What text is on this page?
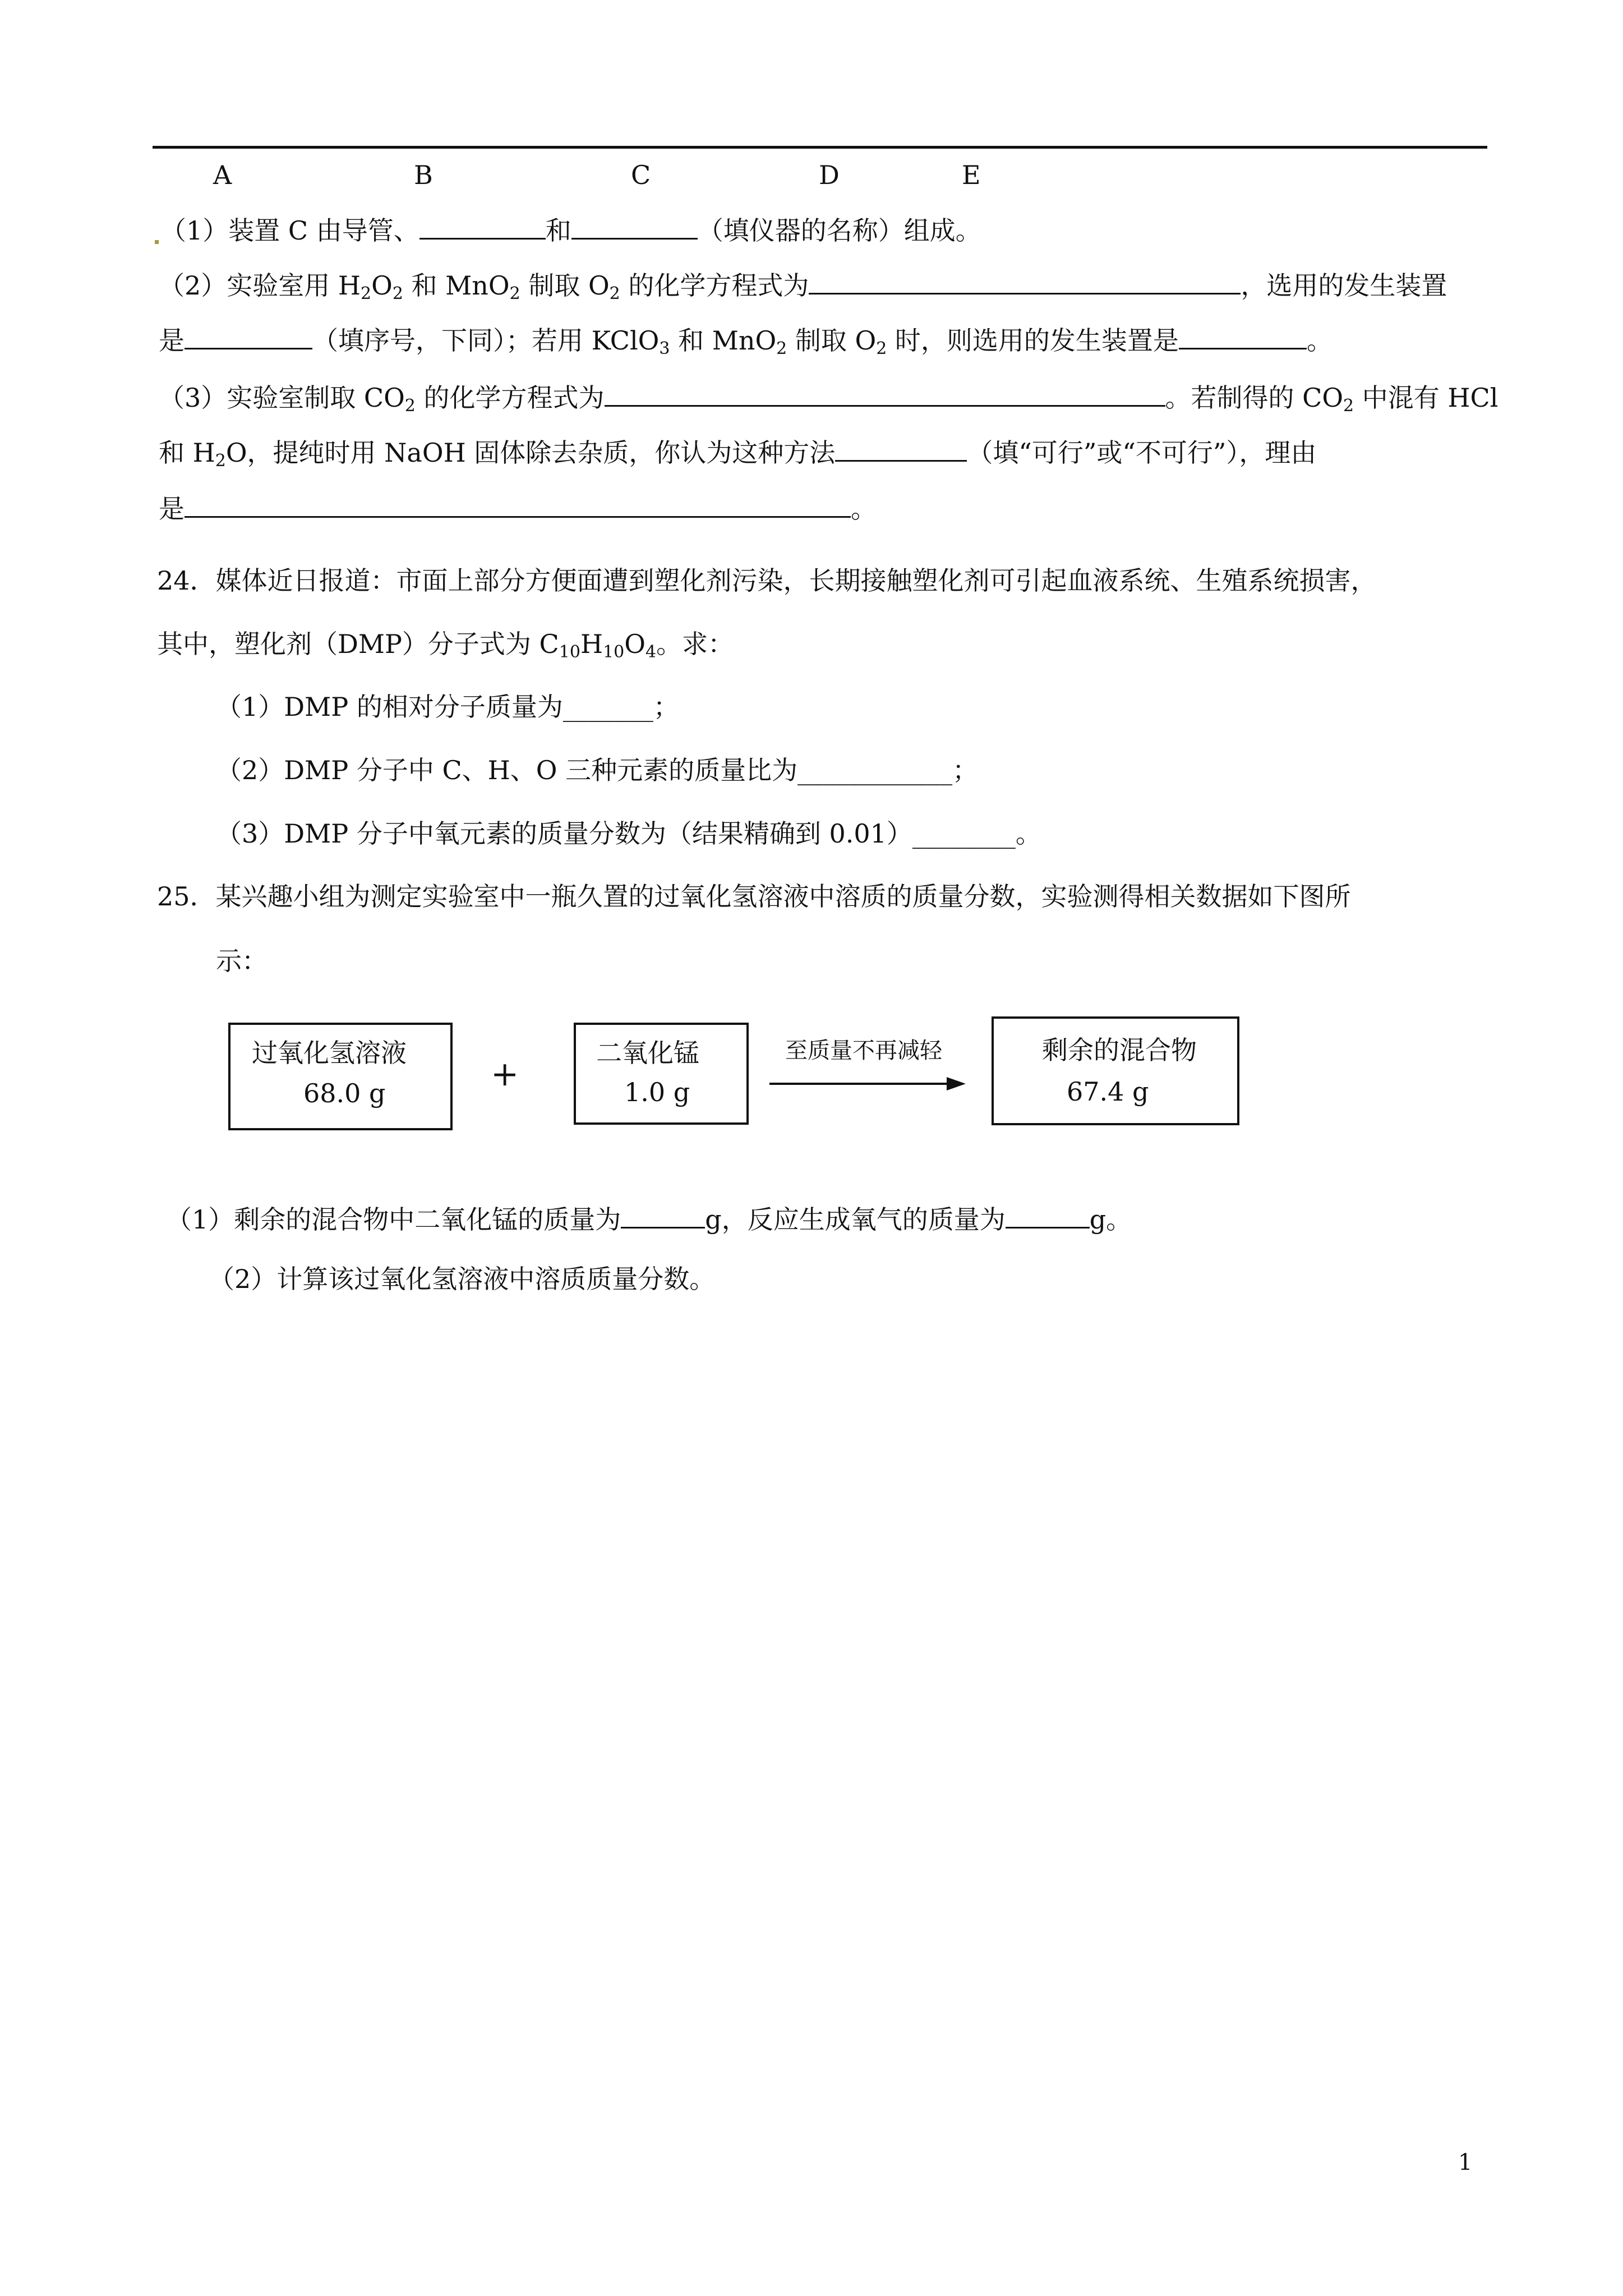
A	B	C	D	E
（1）装置 C 由导管、	和	（填仪器的名称）组成。
（2）实验室用 $H_2O_2$ 和 MnO$_2$ 制取 $O_2$ 的化学方程式为	，选用的发生装置
是	（填序号，下同）；若用 KClO$_3$ 和 MnO$_2$ 制取 $O_2$ 时，则选用的发生装置是	。
（3）实验室制取 $CO_2$ 的化学方程式为	。若制得的 $CO_2$ 中混有 HCl
和 $H_2O$，提纯时用 NaOH 固体除去杂质，你认为这种方法	（填“可行”或“不可行”），理由
是	。
24．媒体近日报道：市面上部分方便面遭到塑化剂污染，长期接触塑化剂可引起血液系统、生殖系统损害，
其中，塑化剂（DMP）分子式为 $C_{10}H_{10}O_4$。求：
（1）DMP 的相对分子质量为_______；
（2）DMP 分子中 C、H、O 三种元素的质量比为____________；
（3）DMP 分子中氧元素的质量分数为（结果精确到 0.01）________。
25．某兴趣小组为测定实验室中一瓶久置的过氧化氢溶液中溶质的质量分数，实验测得相关数据如下图所
示：
过氧化氢溶液
68.0 g	+
二氧化锰
1.0 g
至质量不再减轻	剩余的混合物
67.4 g
（1）剩余的混合物中二氧化锰的质量为	g，反应生成氧气的质量为	g。
（2）计算该过氧化氢溶液中溶质质量分数。
1
